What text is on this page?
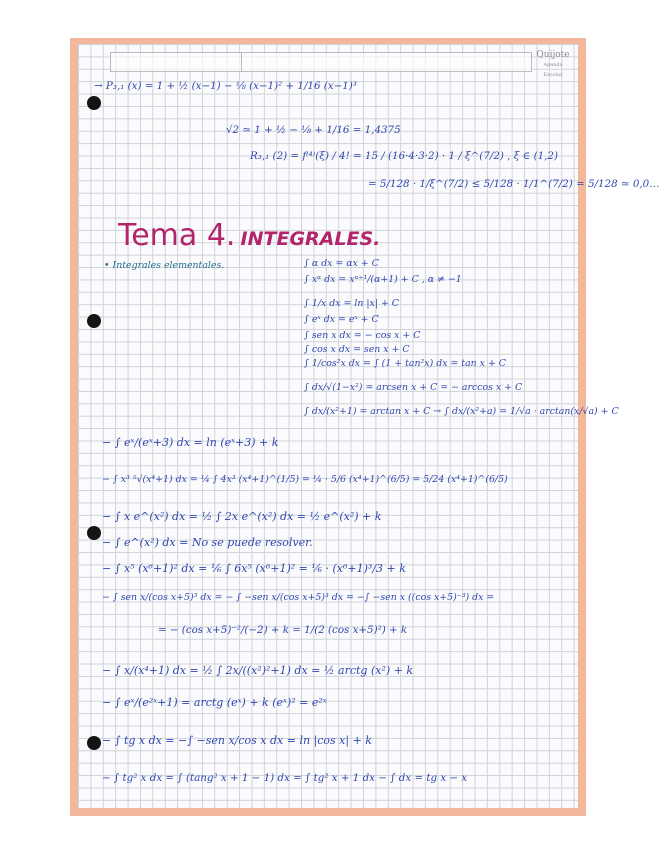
Quijote
Agenda Escolar
→ P₃,₁ (x) = 1 + ½ (x−1) − ⅛ (x−1)² + 1/16 (x−1)³
√2 ≃ 1 + ½ − ⅛ + 1/16 = 1,4375
R₃,₁ (2) = f⁽⁴⁾(ξ) / 4! = 15 / (16·4·3·2) · 1 / ξ^(7/2) , ξ ∈ (1,2)
= 5/128 · 1/ξ^(7/2) ≤ 5/128 · 1/1^(7/2) = 5/128 ≃ 0,0…
Tema 4. INTEGRALES.
• Integrales elementales.	∫ α dx = αx + C
∫ xᵅ dx = xᵅ⁺¹/(α+1) + C , α ≠ −1
∫ 1/x dx = ln |x| + C
∫ eˣ dx = eˣ + C
∫ sen x dx = − cos x + C
∫ cos x dx = sen x + C
∫ 1/cos²x dx = ∫ (1 + tan²x) dx = tan x + C
∫ dx/√(1−x²) = arcsen x + C = − arccos x + C
∫ dx/(x²+1) = arctan x + C → ∫ dx/(x²+a) = 1/√a · arctan(x/√a) + C
− ∫ eˣ/(eˣ+3) dx = ln (eˣ+3) + k
− ∫ x³ ⁵√(x⁴+1) dx = ¼ ∫ 4x³ (x⁴+1)^(1/5) = ¼ · 5/6 (x⁴+1)^(6/5) = 5/24 (x⁴+1)^(6/5)
− ∫ x e^(x²) dx = ½ ∫ 2x e^(x²) dx = ½ e^(x²) + k
− ∫ e^(x²) dx = No se puede resolver.
− ∫ x⁵ (x⁶+1)² dx = ⅙ ∫ 6x⁵ (x⁶+1)² = ⅙ · (x⁶+1)³/3 + k
− ∫ sen x/(cos x+5)³ dx = − ∫ −sen x/(cos x+5)³ dx = −∫ −sen x ((cos x+5)⁻³) dx =
= − (cos x+5)⁻²/(−2) + k = 1/(2 (cos x+5)²) + k
− ∫ x/(x⁴+1) dx = ½ ∫ 2x/((x²)²+1) dx = ½ arctg (x²) + k
− ∫ eˣ/(e²ˣ+1) = arctg (eˣ) + k (eˣ)² = e²ˣ
− ∫ tg x dx = −∫ −sen x/cos x dx = ln |cos x| + k
− ∫ tg² x dx = ∫ (tang² x + 1 − 1) dx = ∫ tg² x + 1 dx − ∫ dx = tg x − x
